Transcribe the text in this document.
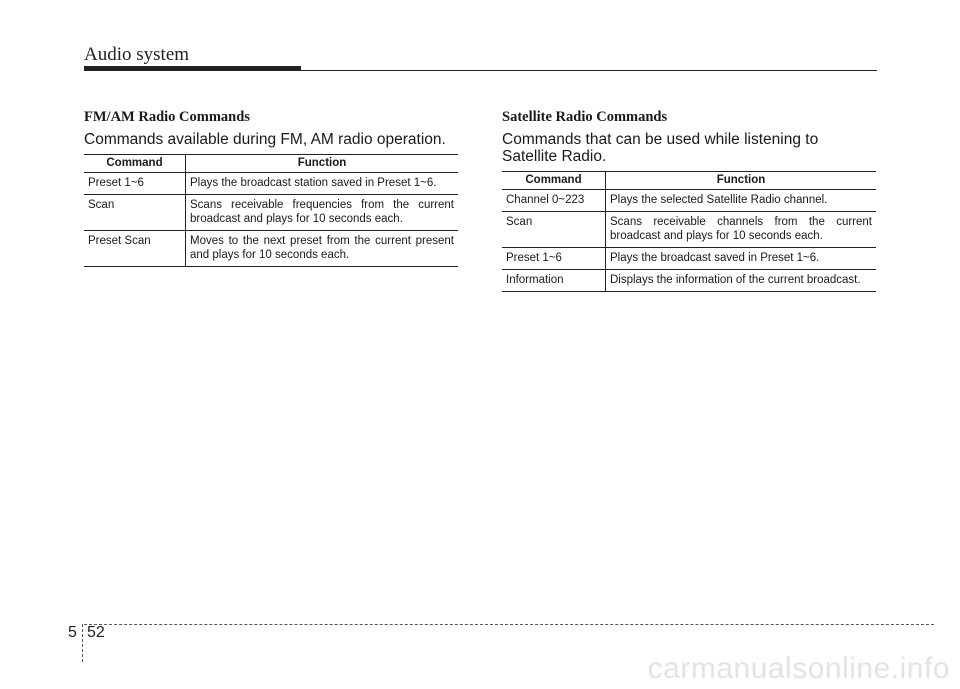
Audio system
FM/AM Radio Commands
Commands available during FM, AM radio operation.
Command	Function
Preset 1~6	Plays the broadcast station saved in Preset 1~6.
Scan	Scans receivable frequencies from the current broadcast and plays for 10 seconds each.
Preset Scan	Moves to the next preset from the current present and plays for 10 seconds each.
Satellite Radio Commands
Commands that can be used while listening to Satellite Radio.
Command	Function
Channel 0~223	Plays the selected Satellite Radio channel.
Scan	Scans receivable channels from the current broadcast and plays for 10 seconds each.
Preset 1~6	Plays the broadcast saved in Preset 1~6.
Information	Displays the information of the current broadcast.
5 52
carmanualsonline.info
